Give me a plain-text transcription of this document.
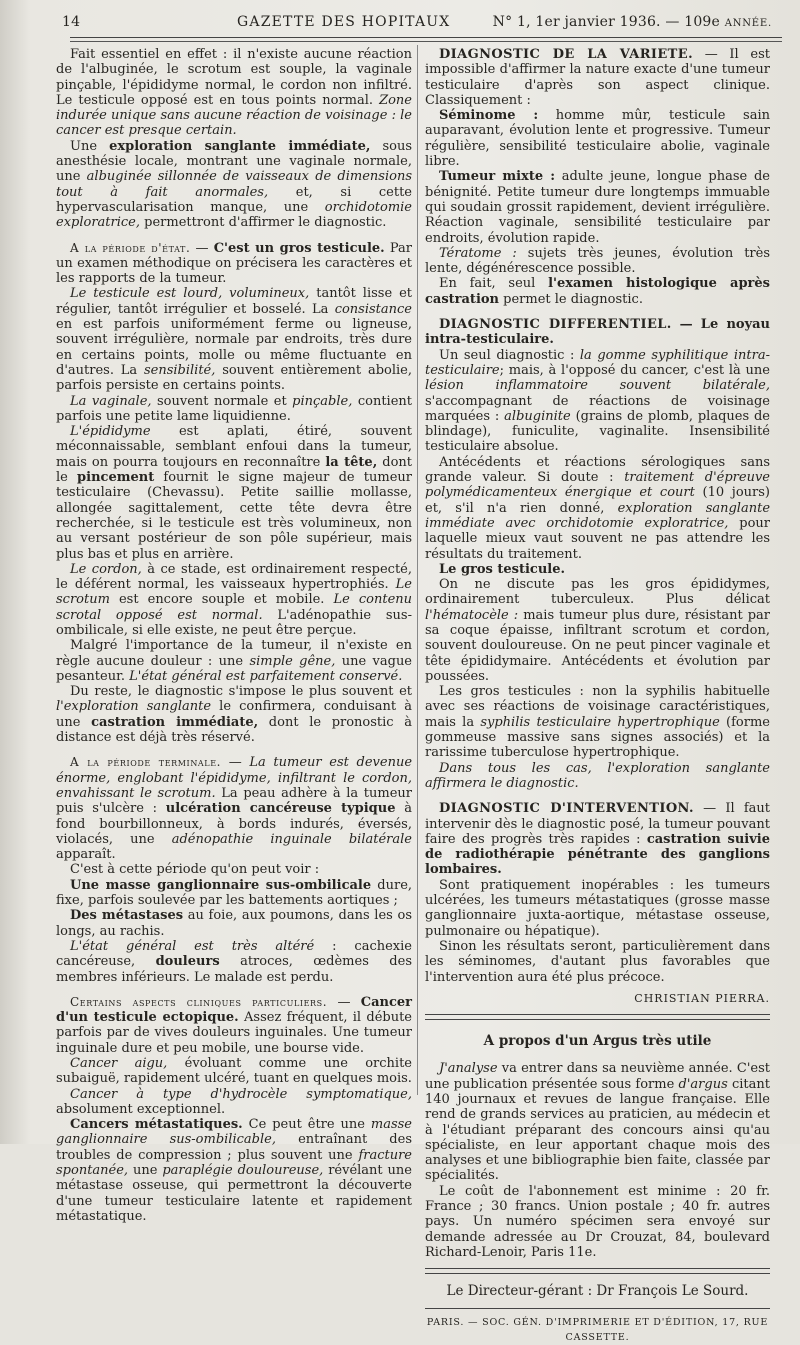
14	GAZETTE DES HOPITAUX	N° 1, 1er janvier 1936. — 109e ANNÉE.

Fait essentiel en effet : il n'existe aucune réaction de l'albuginée, le scrotum est souple, la vaginale pinçable, l'épididyme normal, le cordon non infiltré. Le testicule opposé est en tous points normal. Zone indurée unique sans aucune réaction de voisinage : le cancer est presque certain.

Une exploration sanglante immédiate, sous anesthésie locale, montrant une vaginale normale, une albuginée sillonnée de vaisseaux de dimensions tout à fait anormales, et, si cette hypervascularisation manque, une orchidotomie exploratrice, permettront d'affirmer le diagnostic.

A la période d'état. — C'est un gros testicule. Par un examen méthodique on précisera les caractères et les rapports de la tumeur.

Le testicule est lourd, volumineux, tantôt lisse et régulier, tantôt irrégulier et bosselé. La consistance en est parfois uniformément ferme ou ligneuse, souvent irrégulière, normale par endroits, très dure en certains points, molle ou même fluctuante en d'autres. La sensibilité, souvent entièrement abolie, parfois persiste en certains points.

La vaginale, souvent normale et pinçable, contient parfois une petite lame liquidienne.

L'épididyme est aplati, étiré, souvent méconnaissable, semblant enfoui dans la tumeur, mais on pourra toujours en reconnaître la tête, dont le pincement fournit le signe majeur de tumeur testiculaire (Chevassu). Petite saillie mollasse, allongée sagittalement, cette tête devra être recherchée, si le testicule est très volumineux, non au versant postérieur de son pôle supérieur, mais plus bas et plus en arrière.

Le cordon, à ce stade, est ordinairement respecté, le déférent normal, les vaisseaux hypertrophiés. Le scrotum est encore souple et mobile. Le contenu scrotal opposé est normal. L'adénopathie sus-ombilicale, si elle existe, ne peut être perçue.

Malgré l'importance de la tumeur, il n'existe en règle aucune douleur : une simple gêne, une vague pesanteur. L'état général est parfaitement conservé.

Du reste, le diagnostic s'impose le plus souvent et l'exploration sanglante le confirmera, conduisant à une castration immédiate, dont le pronostic à distance est déjà très réservé.

A la période terminale. — La tumeur est devenue énorme, englobant l'épididyme, infiltrant le cordon, envahissant le scrotum. La peau adhère à la tumeur puis s'ulcère : ulcération cancéreuse typique à fond bourbillonneux, à bords indurés, éversés, violacés, une adénopathie inguinale bilatérale apparaît.

C'est à cette période qu'on peut voir :

Une masse ganglionnaire sus-ombilicale dure, fixe, parfois soulevée par les battements aortiques ;

Des métastases au foie, aux poumons, dans les os longs, au rachis.

L'état général est très altéré : cachexie cancéreuse, douleurs atroces, œdèmes des membres inférieurs. Le malade est perdu.

Certains aspects cliniques particuliers. — Cancer d'un testicule ectopique. Assez fréquent, il débute parfois par de vives douleurs inguinales. Une tumeur inguinale dure et peu mobile, une bourse vide.

Cancer aigu, évoluant comme une orchite subaiguë, rapidement ulcéré, tuant en quelques mois.

Cancer à type d'hydrocèle symptomatique, absolument exceptionnel.

Cancers métastatiques. Ce peut être une masse ganglionnaire sus-ombilicable, entraînant des troubles de compression ; plus souvent une fracture spontanée, une paraplégie douloureuse, révélant une métastase osseuse, qui permettront la découverte d'une tumeur testiculaire latente et rapidement métastatique.

DIAGNOSTIC DE LA VARIETE. — Il est impossible d'affirmer la nature exacte d'une tumeur testiculaire d'après son aspect clinique. Classiquement :

Séminome : homme mûr, testicule sain auparavant, évolution lente et progressive. Tumeur régulière, sensibilité testiculaire abolie, vaginale libre.

Tumeur mixte : adulte jeune, longue phase de bénignité. Petite tumeur dure longtemps immuable qui soudain grossit rapidement, devient irrégulière. Réaction vaginale, sensibilité testiculaire par endroits, évolution rapide.

Tératome : sujets très jeunes, évolution très lente, dégénérescence possible.

En fait, seul l'examen histologique après castration permet le diagnostic.

DIAGNOSTIC DIFFERENTIEL. — Le noyau intra-testiculaire.

Un seul diagnostic : la gomme syphilitique intra-testiculaire; mais, à l'opposé du cancer, c'est là une lésion inflammatoire souvent bilatérale, s'accompagnant de réactions de voisinage marquées : albuginite (grains de plomb, plaques de blindage), funiculite, vaginalite. Insensibilité testiculaire absolue.

Antécédents et réactions sérologiques sans grande valeur. Si doute : traitement d'épreuve polymédicamenteux énergique et court (10 jours) et, s'il n'a rien donné, exploration sanglante immédiate avec orchidotomie exploratrice, pour laquelle mieux vaut souvent ne pas attendre les résultats du traitement.

Le gros testicule.

On ne discute pas les gros épididymes, ordinairement tuberculeux. Plus délicat l'hématocèle : mais tumeur plus dure, résistant par sa coque épaisse, infiltrant scrotum et cordon, souvent douloureuse. On ne peut pincer vaginale et tête épididymaire. Antécédents et évolution par poussées.

Les gros testicules : non la syphilis habituelle avec ses réactions de voisinage caractéristiques, mais la syphilis testiculaire hypertrophique (forme gommeuse massive sans signes associés) et la rarissime tuberculose hypertrophique.

Dans tous les cas, l'exploration sanglante affirmera le diagnostic.

DIAGNOSTIC D'INTERVENTION. — Il faut intervenir dès le diagnostic posé, la tumeur pouvant faire des progrès très rapides : castration suivie de radiothérapie pénétrante des ganglions lombaires.

Sont pratiquement inopérables : les tumeurs ulcérées, les tumeurs métastatiques (grosse masse ganglionnaire juxta-aortique, métastase osseuse, pulmonaire ou hépatique).

Sinon les résultats seront, particulièrement dans les séminomes, d'autant plus favorables que l'intervention aura été plus précoce.

CHRISTIAN PIERRA.
A propos d'un Argus très utile

J'analyse va entrer dans sa neuvième année. C'est une publication présentée sous forme d'argus citant 140 journaux et revues de langue française. Elle rend de grands services au praticien, au médecin et à l'étudiant préparant des concours ainsi qu'au spécialiste, en leur apportant chaque mois des analyses et une bibliographie bien faite, classée par spécialités.

Le coût de l'abonnement est minime : 20 fr. France ; 30 francs. Union postale ; 40 fr. autres pays. Un numéro spécimen sera envoyé sur demande adressée au Dr Crouzat, 84, boulevard Richard-Lenoir, Paris 11e.

Le Directeur-gérant : Dr François Le Sourd.
PARIS. — SOC. GÉN. D'IMPRIMERIE ET D'ÉDITION, 17, RUE CASSETTE.
